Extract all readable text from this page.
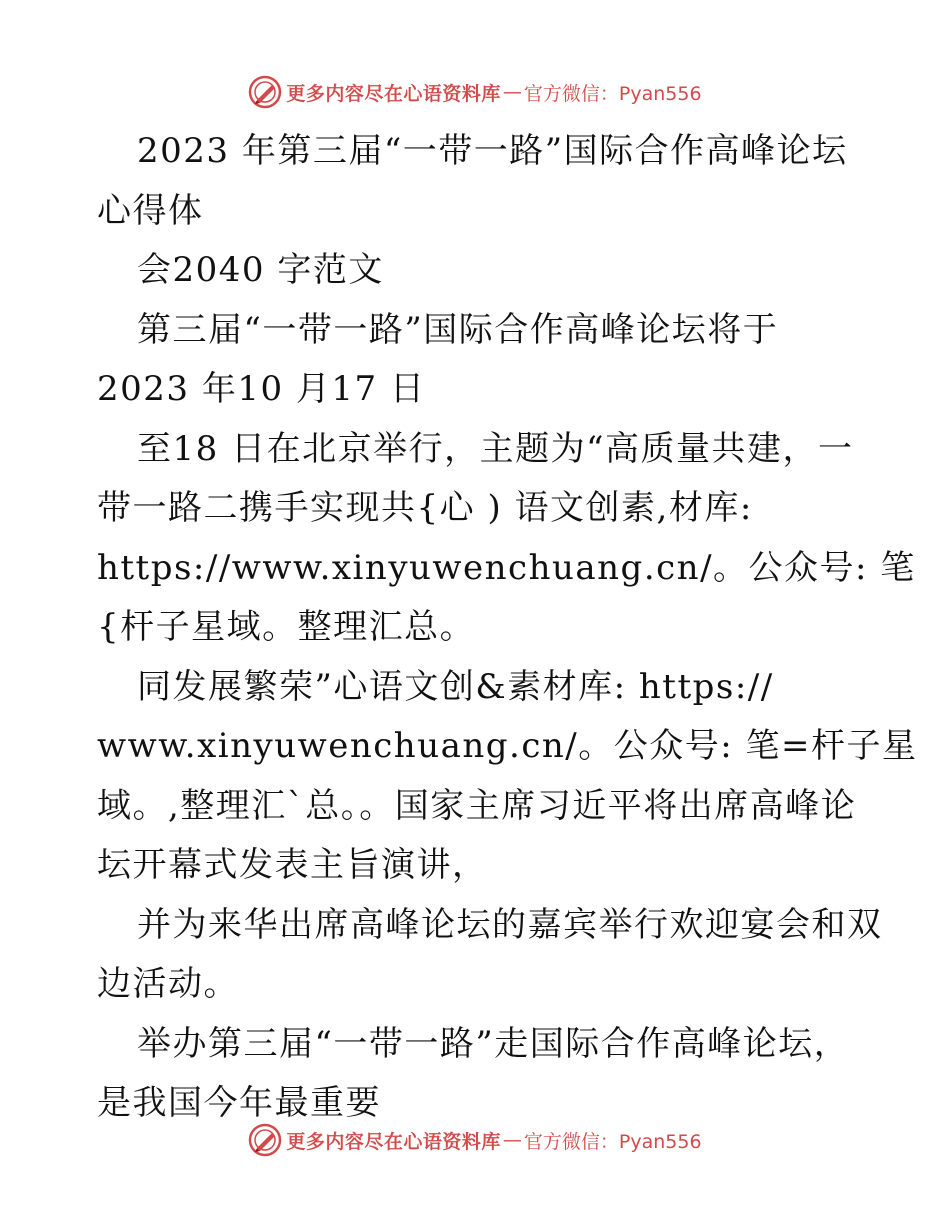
更多内容尽在心语资料库 — 官方微信：Pyan556
2023 年第三届“一带一路”国际合作高峰论坛
心得体
会2040 字范文
第三届“一带一路”国际合作高峰论坛将于
2023 年10 月17 日
至18 日在北京举行，主题为“高质量共建，一
带一路二携手实现共{心 ) 语文创素,材库:
https://www.xinyuwenchuang.cn/。公众号: 笔
{杆子星域。整理汇总。
同发展繁荣”心语文创&素材库: https://
www.xinyuwenchuang.cn/。公众号: 笔=杆子星
域。,整理汇`总。。国家主席习近平将出席高峰论
坛开幕式发表主旨演讲，
并为来华出席高峰论坛的嘉宾举行欢迎宴会和双
边活动。
举办第三届“一带一路”走国际合作高峰论坛，
是我国今年最重要
更多内容尽在心语资料库 — 官方微信：Pyan556
